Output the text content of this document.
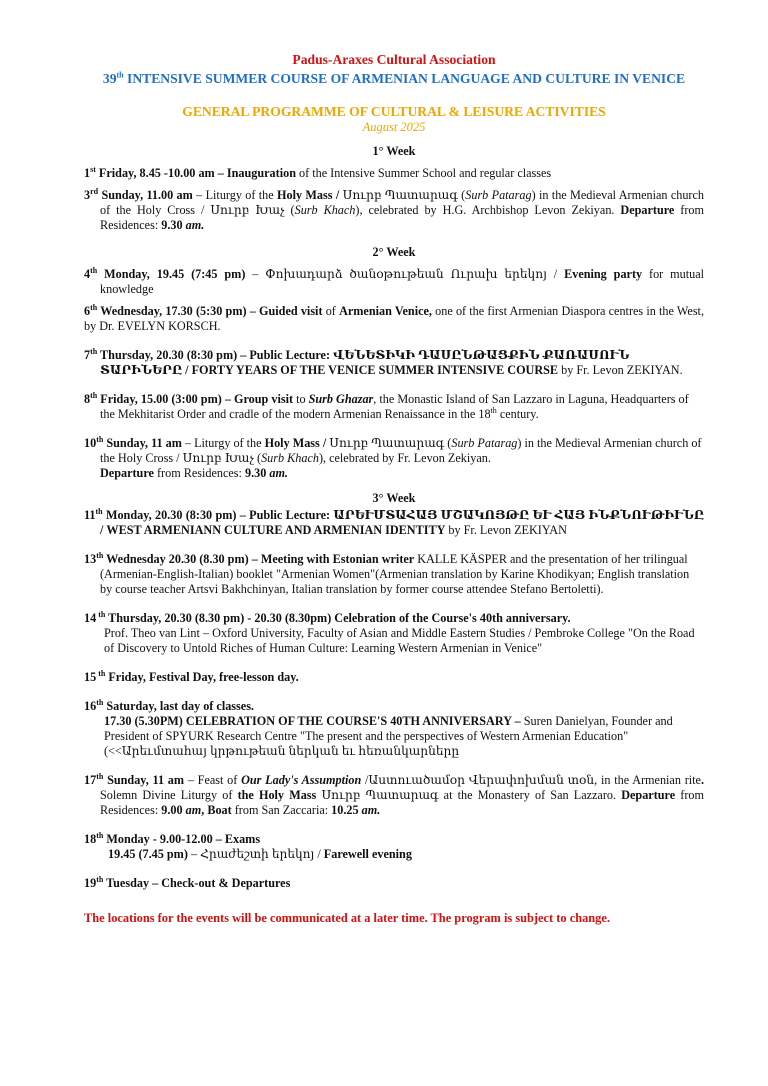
Padus-Araxes Cultural Association
39th INTENSIVE SUMMER COURSE OF ARMENIAN LANGUAGE AND CULTURE IN VENICE
GENERAL PROGRAMME OF CULTURAL & LEISURE ACTIVITIES
August 2025
1° Week
1st Friday, 8.45 -10.00 am – Inauguration of the Intensive Summer School and regular classes
3rd Sunday, 11.00 am – Liturgy of the Holy Mass / Սուրբ Պատարագ (Surb Patarag) in the Medieval Armenian church of the Holy Cross / Սուրբ Խաչ (Surb Khach), celebrated by H.G. Archbishop Levon Zekiyan. Departure from Residences: 9.30 am.
2° Week
4th Monday, 19.45 (7:45 pm) – Փոխադարձ ծանօթութեան Ուրախ երեկոյ / Evening party for mutual knowledge
6th Wednesday, 17.30 (5:30 pm) – Guided visit of Armenian Venice, one of the first Armenian Diaspora centres in the West, by Dr. EVELYN KORSCH.
7th Thursday, 20.30 (8:30 pm) – Public Lecture: ՎԵՆԵՏԻԿԻ ԴԱՍԸՆԹԱՑՔԻՆ ՔԱՌԱՍՈՒՆ ՏԱՐԻՆԵՐԸ / FORTY YEARS OF THE VENICE SUMMER INTENSIVE COURSE by Fr. Levon ZEKIYAN.
8th Friday, 15.00 (3:00 pm) – Group visit to Surb Ghazar, the Monastic Island of San Lazzaro in Laguna, Headquarters of the Mekhitarist Order and cradle of the modern Armenian Renaissance in the 18th century.
10th Sunday, 11 am – Liturgy of the Holy Mass / Սուրբ Պատարագ (Surb Patarag) in the Medieval Armenian church of the Holy Cross / Սուրբ Խաչ (Surb Khach), celebrated by Fr. Levon Zekiyan.
Departure from Residences: 9.30 am.
3° Week
11th Monday, 20.30 (8:30 pm) – Public Lecture: ԱՐԵՒՄՏԱՀԱՅ ՄՇԱԿՈՅԹԸ ԵՒ ՀԱՅ ԻՆՔՆՈՒԹԻՒՆԸ / WEST ARMENIANN CULTURE AND ARMENIAN IDENTITY by Fr. Levon ZEKIYAN
13th Wednesday 20.30 (8.30 pm) – Meeting with Estonian writer KALLE KÄSPER and the presentation of her trilingual (Armenian-English-Italian) booklet "Armenian Women"(Armenian translation by Karine Khodikyan; English translation by course teacher Artsvi Bakhchinyan, Italian translation by former course attendee Stefano Bertoletti).
14 $^{th}$ Thursday, 20.30 (8.30 pm) - 20.30 (8.30pm) Celebration of the Course's 40th anniversary.
Prof. Theo van Lint – Oxford University, Faculty of Asian and Middle Eastern Studies / Pembroke College "On the Road of Discovery to Untold Riches of Human Culture: Learning Western Armenian in Venice"
15 $^{th}$ Friday, Festival Day, free-lesson day.
16th Saturday, last day of classes.
17.30 (5.30PM) CELEBRATION OF THE COURSE'S 40TH ANNIVERSARY – Suren Danielyan, Founder and President of SPYURK Research Centre "The present and the perspectives of Western Armenian Education" (<<Արեւմտահայ կրթութեան ներկան եւ հեռանկարները
17th Sunday, 11 am – Feast of Our Lady's Assumption /Աստուածամօր Վերափոխման տօն, in the Armenian rite. Solemn Divine Liturgy of the Holy Mass Սուրբ Պատարագ at the Monastery of San Lazzaro. Departure from Residences: 9.00 am, Boat from San Zaccaria: 10.25 am.
18th Monday - 9.00-12.00 – Exams
19.45 (7.45 pm) – Հրաժեշտի երեկոյ / Farewell evening
19th Tuesday – Check-out & Departures
The locations for the events will be communicated at a later time. The program is subject to change.
